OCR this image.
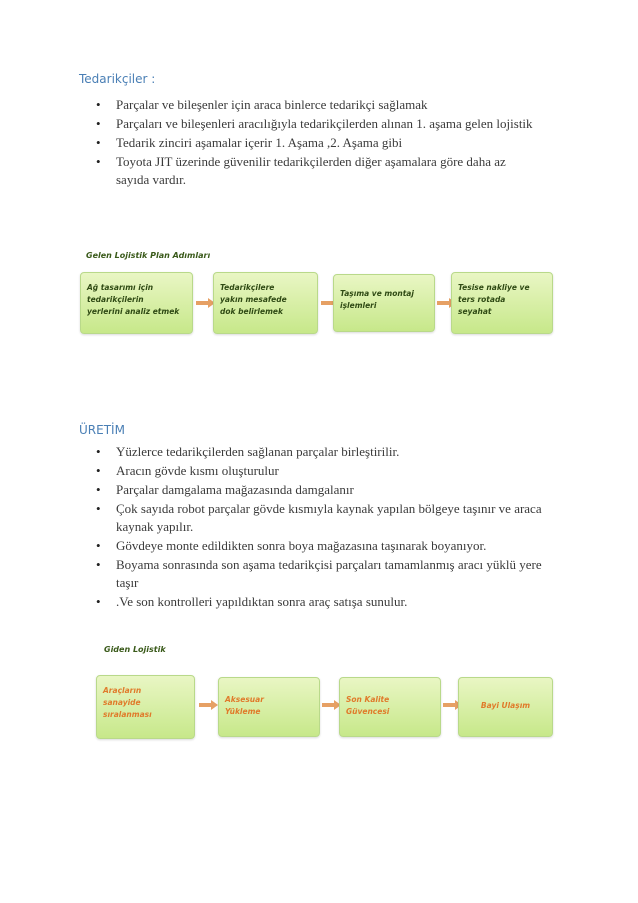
Tedarikçiler :
• Parçalar ve bileşenler için araca binlerce tedarikçi sağlamak
• Parçaları ve bileşenleri aracılığıyla tedarikçilerden alınan 1. aşama gelen lojistik
• Tedarik zinciri aşamalar içerir 1. Aşama ,2. Aşama gibi
• Toyota JIT üzerinde güvenilir tedarikçilerden diğer aşamalara göre daha az sayıda vardır.
Gelen Lojistik Plan Adımları
Ağ tasarımı için
tedarikçilerin
yerlerini analiz etmek
Tedarikçilere
yakın mesafede
dok belirlemek
Taşıma ve montaj
işlemleri
Tesise nakliye ve
ters rotada
seyahat
ÜRETİM
• Yüzlerce tedarikçilerden sağlanan parçalar birleştirilir.
• Aracın gövde kısmı oluşturulur
• Parçalar damgalama mağazasında damgalanır
• Çok sayıda robot parçalar gövde kısmıyla kaynak yapılan bölgeye taşınır ve araca kaynak yapılır.
• Gövdeye monte edildikten sonra boya mağazasına taşınarak boyanıyor.
• Boyama sonrasında son aşama tedarikçisi parçaları tamamlanmış aracı yüklü yere taşır
• .Ve son kontrolleri yapıldıktan sonra araç satışa sunulur.
Giden Lojistik
Araçların
sanayide
sıralanması
Aksesuar
Yükleme
Son Kalite
Güvencesi
Bayi Ulaşım
